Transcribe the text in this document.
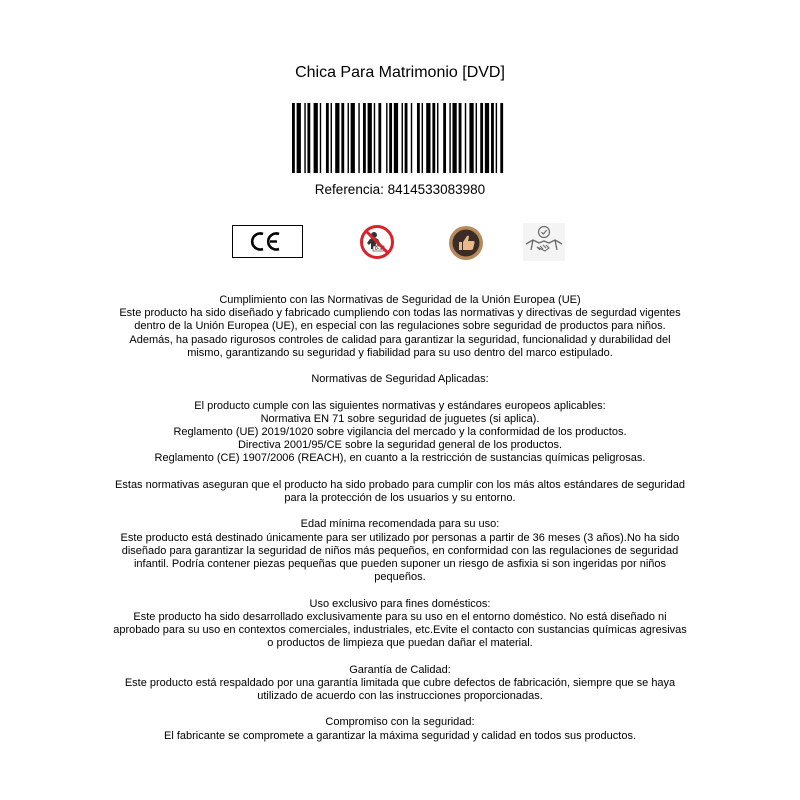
Chica Para Matrimonio [DVD]
Referencia: 8414533083980
0-3
Cumplimiento con las Normativas de Seguridad de la Unión Europea (UE)
Este producto ha sido diseñado y fabricado cumpliendo con todas las normativas y directivas de segurdad vigentes dentro de la Unión Europea (UE), en especial con las regulaciones sobre seguridad de productos para niños. Además, ha pasado rigurosos controles de calidad para garantizar la seguridad, funcionalidad y durabilidad del mismo, garantizando su seguridad y fiabilidad para su uso dentro del marco estipulado.
Normativas de Seguridad Aplicadas:
El producto cumple con las siguientes normativas y estándares europeos aplicables:
Normativa EN 71 sobre seguridad de juguetes (si aplica).
Reglamento (UE) 2019/1020 sobre vigilancia del mercado y la conformidad de los productos.
Directiva 2001/95/CE sobre la seguridad general de los productos.
Reglamento (CE) 1907/2006 (REACH), en cuanto a la restricción de sustancias químicas peligrosas.
Estas normativas aseguran que el producto ha sido probado para cumplir con los más altos estándares de seguridad para la protección de los usuarios y su entorno.
Edad mínima recomendada para su uso:
Este producto está destinado únicamente para ser utilizado por personas a partir de 36 meses (3 años).No ha sido diseñado para garantizar la seguridad de niños más pequeños, en conformidad con las regulaciones de seguridad infantil. Podría contener piezas pequeñas que pueden suponer un riesgo de asfixia si son ingeridas por niños pequeños.
Uso exclusivo para fines domésticos:
Este producto ha sido desarrollado exclusivamente para su uso en el entorno doméstico. No está diseñado ni aprobado para su uso en contextos comerciales, industriales, etc.Evite el contacto con sustancias químicas agresivas o productos de limpieza que puedan dañar el material.
Garantía de Calidad:
Este producto está respaldado por una garantía limitada que cubre defectos de fabricación, siempre que se haya utilizado de acuerdo con las instrucciones proporcionadas.
Compromiso con la seguridad:
El fabricante se compromete a garantizar la máxima seguridad y calidad en todos sus productos.
